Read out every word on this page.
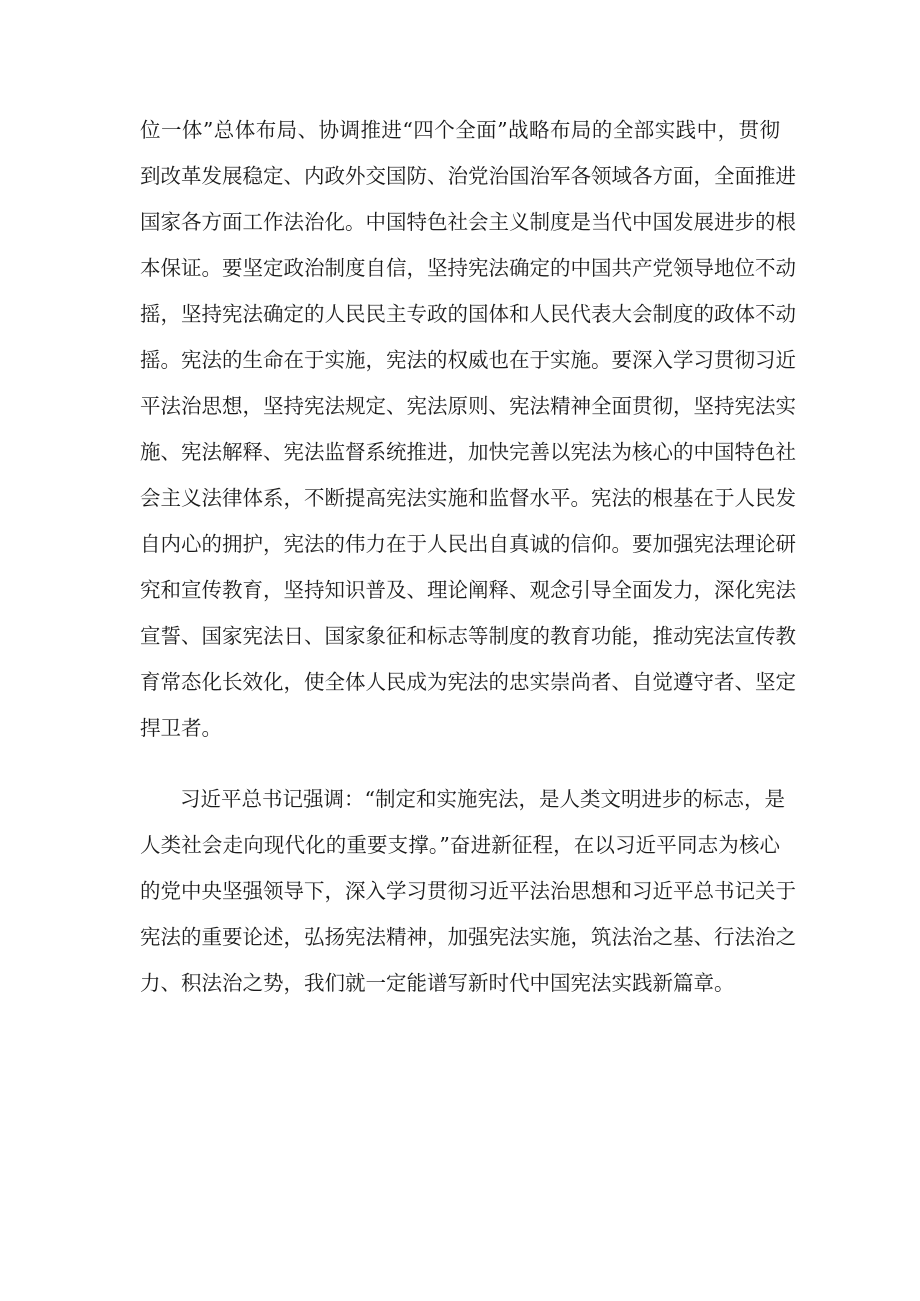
位一体”总体布局、协调推进“四个全面”战略布局的全部实践中，贯彻
到改革发展稳定、内政外交国防、治党治国治军各领域各方面，全面推进
国家各方面工作法治化。中国特色社会主义制度是当代中国发展进步的根
本保证。要坚定政治制度自信，坚持宪法确定的中国共产党领导地位不动
摇，坚持宪法确定的人民民主专政的国体和人民代表大会制度的政体不动
摇。宪法的生命在于实施，宪法的权威也在于实施。要深入学习贯彻习近
平法治思想，坚持宪法规定、宪法原则、宪法精神全面贯彻，坚持宪法实
施、宪法解释、宪法监督系统推进，加快完善以宪法为核心的中国特色社
会主义法律体系，不断提高宪法实施和监督水平。宪法的根基在于人民发
自内心的拥护，宪法的伟力在于人民出自真诚的信仰。要加强宪法理论研
究和宣传教育，坚持知识普及、理论阐释、观念引导全面发力，深化宪法
宣誓、国家宪法日、国家象征和标志等制度的教育功能，推动宪法宣传教
育常态化长效化，使全体人民成为宪法的忠实崇尚者、自觉遵守者、坚定
捍卫者。
习近平总书记强调：“制定和实施宪法，是人类文明进步的标志，是
人类社会走向现代化的重要支撑。”奋进新征程，在以习近平同志为核心
的党中央坚强领导下，深入学习贯彻习近平法治思想和习近平总书记关于
宪法的重要论述，弘扬宪法精神，加强宪法实施，筑法治之基、行法治之
力、积法治之势，我们就一定能谱写新时代中国宪法实践新篇章。
